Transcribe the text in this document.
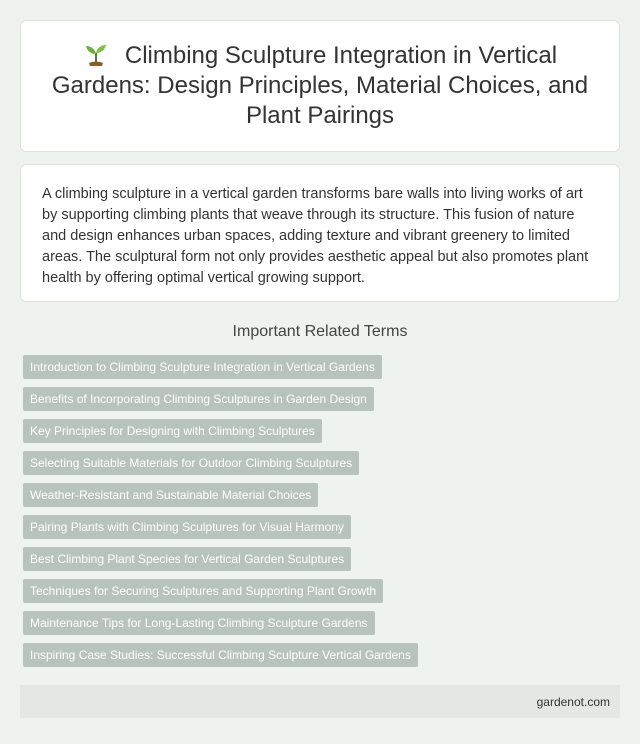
Climbing Sculpture Integration in Vertical Gardens: Design Principles, Material Choices, and Plant Pairings

A climbing sculpture in a vertical garden transforms bare walls into living works of art by supporting climbing plants that weave through its structure. This fusion of nature and design enhances urban spaces, adding texture and vibrant greenery to limited areas. The sculptural form not only provides aesthetic appeal but also promotes plant health by offering optimal vertical growing support.

Important Related Terms
Introduction to Climbing Sculpture Integration in Vertical Gardens
Benefits of Incorporating Climbing Sculptures in Garden Design
Key Principles for Designing with Climbing Sculptures
Selecting Suitable Materials for Outdoor Climbing Sculptures
Weather-Resistant and Sustainable Material Choices
Pairing Plants with Climbing Sculptures for Visual Harmony
Best Climbing Plant Species for Vertical Garden Sculptures
Techniques for Securing Sculptures and Supporting Plant Growth
Maintenance Tips for Long-Lasting Climbing Sculpture Gardens
Inspiring Case Studies: Successful Climbing Sculpture Vertical Gardens
gardenot.com
